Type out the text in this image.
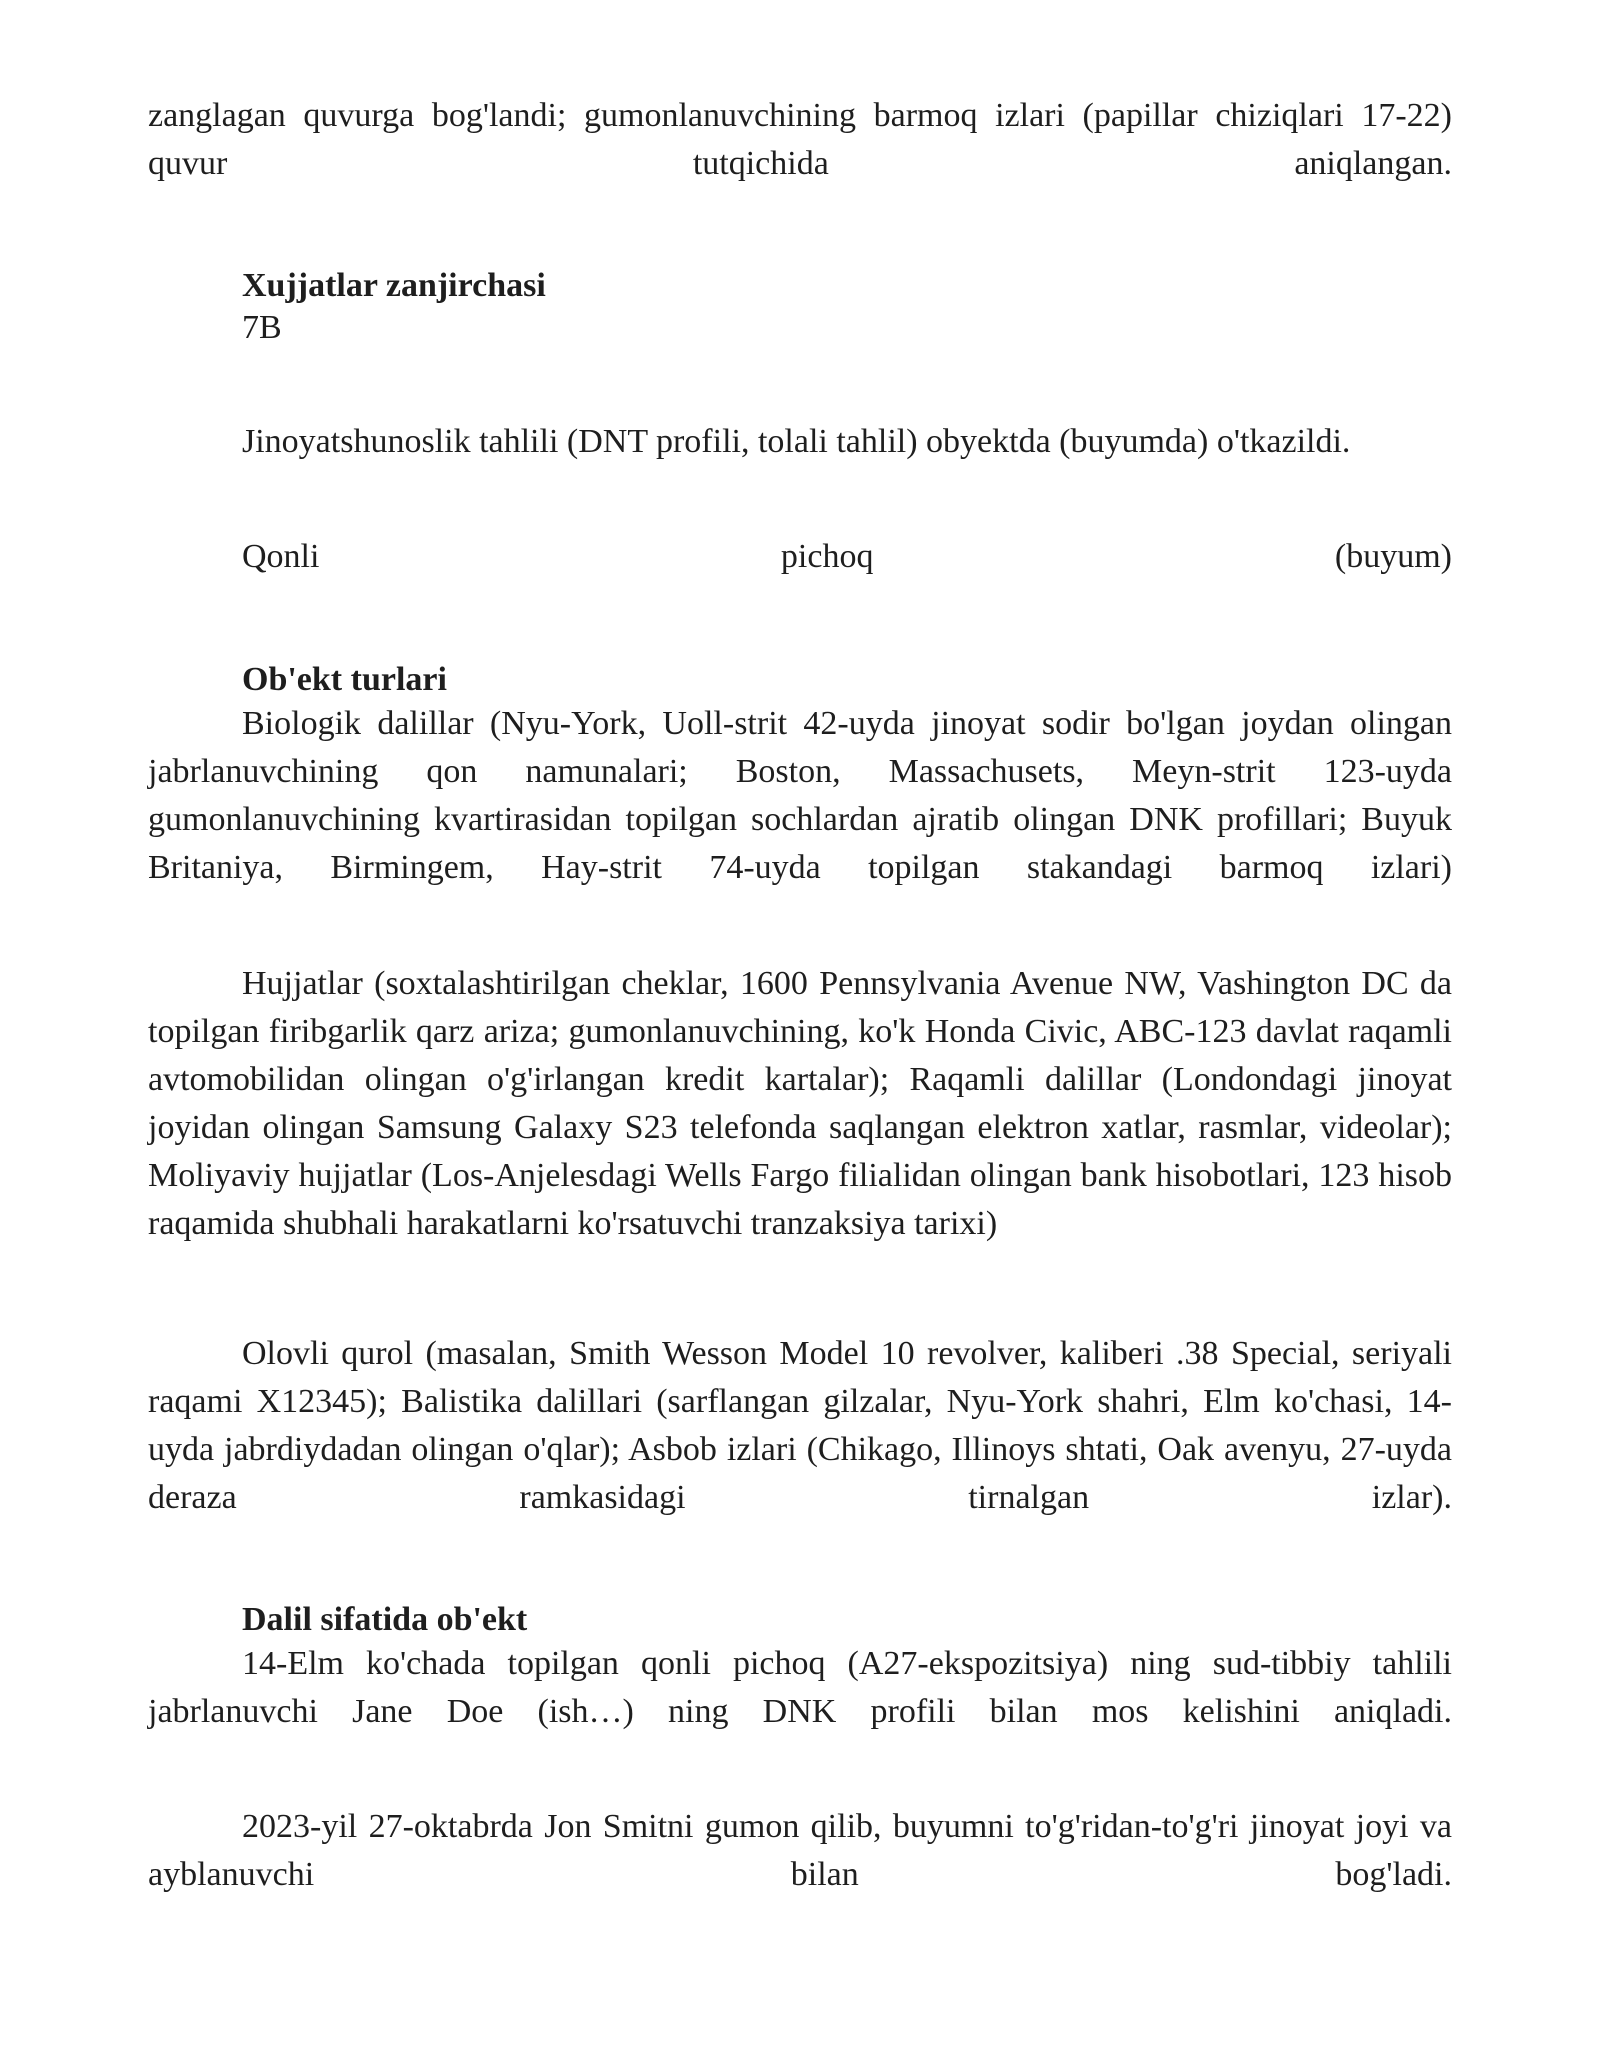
zanglagan quvurga bog'landi; gumonlanuvchining barmoq izlari (papillar chiziqlari 17-22) quvur tutqichida aniqlangan.

Xujjatlar zanjirchasi

7B

Jinoyatshunoslik tahlili (DNT profili, tolali tahlil) obyektda (buyumda) o'tkazildi.

Qonli	pichoq	(buyum)

Ob'ekt turlari

Biologik dalillar (Nyu-York, Uoll-strit 42-uyda jinoyat sodir bo'lgan joydan olingan jabrlanuvchining qon namunalari; Boston, Massachusets, Meyn-strit 123-uyda gumonlanuvchining kvartirasidan topilgan sochlardan ajratib olingan DNK profillari; Buyuk Britaniya, Birmingem, Hay-strit 74-uyda topilgan stakandagi barmoq izlari)

Hujjatlar (soxtalashtirilgan cheklar, 1600 Pennsylvania Avenue NW, Vashington DC da topilgan firibgarlik qarz ariza; gumonlanuvchining, ko'k Honda Civic, ABC-123 davlat raqamli avtomobilidan olingan o'g'irlangan kredit kartalar); Raqamli dalillar (Londondagi jinoyat joyidan olingan Samsung Galaxy S23 telefonda saqlangan elektron xatlar, rasmlar, videolar); Moliyaviy hujjatlar (Los-Anjelesdagi Wells Fargo filialidan olingan bank hisobotlari, 123 hisob raqamida shubhali harakatlarni ko'rsatuvchi tranzaksiya tarixi)

Olovli qurol (masalan, Smith Wesson Model 10 revolver, kaliberi .38 Special, seriyali raqami X12345); Balistika dalillari (sarflangan gilzalar, Nyu-York shahri, Elm ko'chasi, 14-uyda jabrdiydadan olingan o'qlar); Asbob izlari (Chikago, Illinoys shtati, Oak avenyu, 27-uyda deraza ramkasidagi tirnalgan izlar).

Dalil sifatida ob'ekt

14-Elm ko'chada topilgan qonli pichoq (A27-ekspozitsiya) ning sud-tibbiy tahlili jabrlanuvchi Jane Doe (ish…) ning DNK profili bilan mos kelishini aniqladi.

2023-yil 27-oktabrda Jon Smitni gumon qilib, buyumni to'g'ridan-to'g'ri jinoyat joyi va ayblanuvchi bilan bog'ladi.
